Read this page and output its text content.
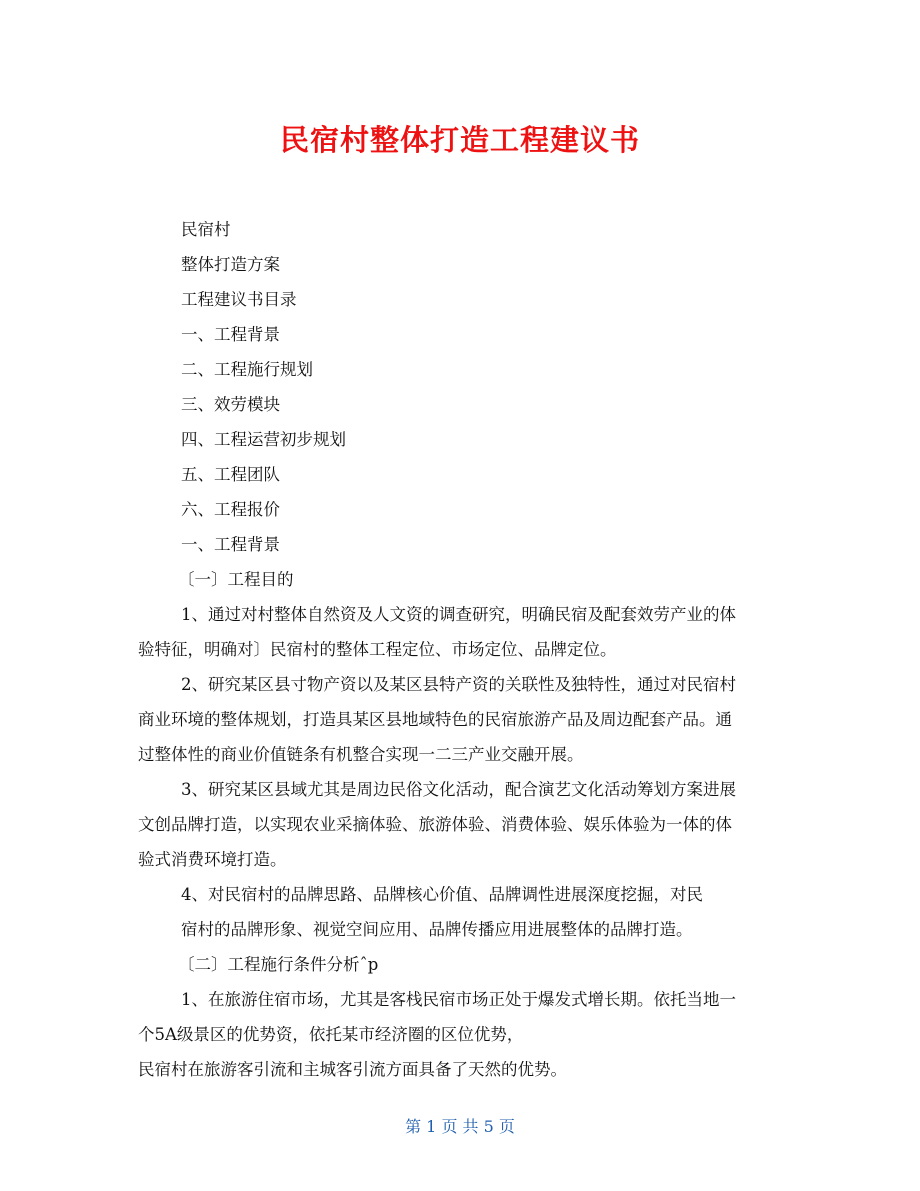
民宿村整体打造工程建议书
民宿村
整体打造方案
工程建议书目录
一、工程背景
二、工程施行规划
三、效劳模块
四、工程运营初步规划
五、工程团队
六、工程报价
一、工程背景
〔一〕工程目的
1、通过对村整体自然资及人文资的调查研究，明确民宿及配套效劳产业的体
验特征，明确对〕民宿村的整体工程定位、市场定位、品牌定位。
2、研究某区县寸物产资以及某区县特产资的关联性及独特性，通过对民宿村
商业环境的整体规划，打造具某区县地域特色的民宿旅游产品及周边配套产品。通
过整体性的商业价值链条有机整合实现一二三产业交融开展。
3、研究某区县域尤其是周边民俗文化活动，配合演艺文化活动筹划方案进展
文创品牌打造，以实现农业采摘体验、旅游体验、消费体验、娱乐体验为一体的体
验式消费环境打造。
4、对民宿村的品牌思路、品牌核心价值、品牌调性进展深度挖掘，对民
宿村的品牌形象、视觉空间应用、品牌传播应用进展整体的品牌打造。
〔二〕工程施行条件分析ˆp
1、在旅游住宿市场，尤其是客栈民宿市场正处于爆发式增长期。依托当地一
个5A级景区的优势资，依托某市经济圈的区位优势，
民宿村在旅游客引流和主城客引流方面具备了天然的优势。
第 1 页 共 5 页
